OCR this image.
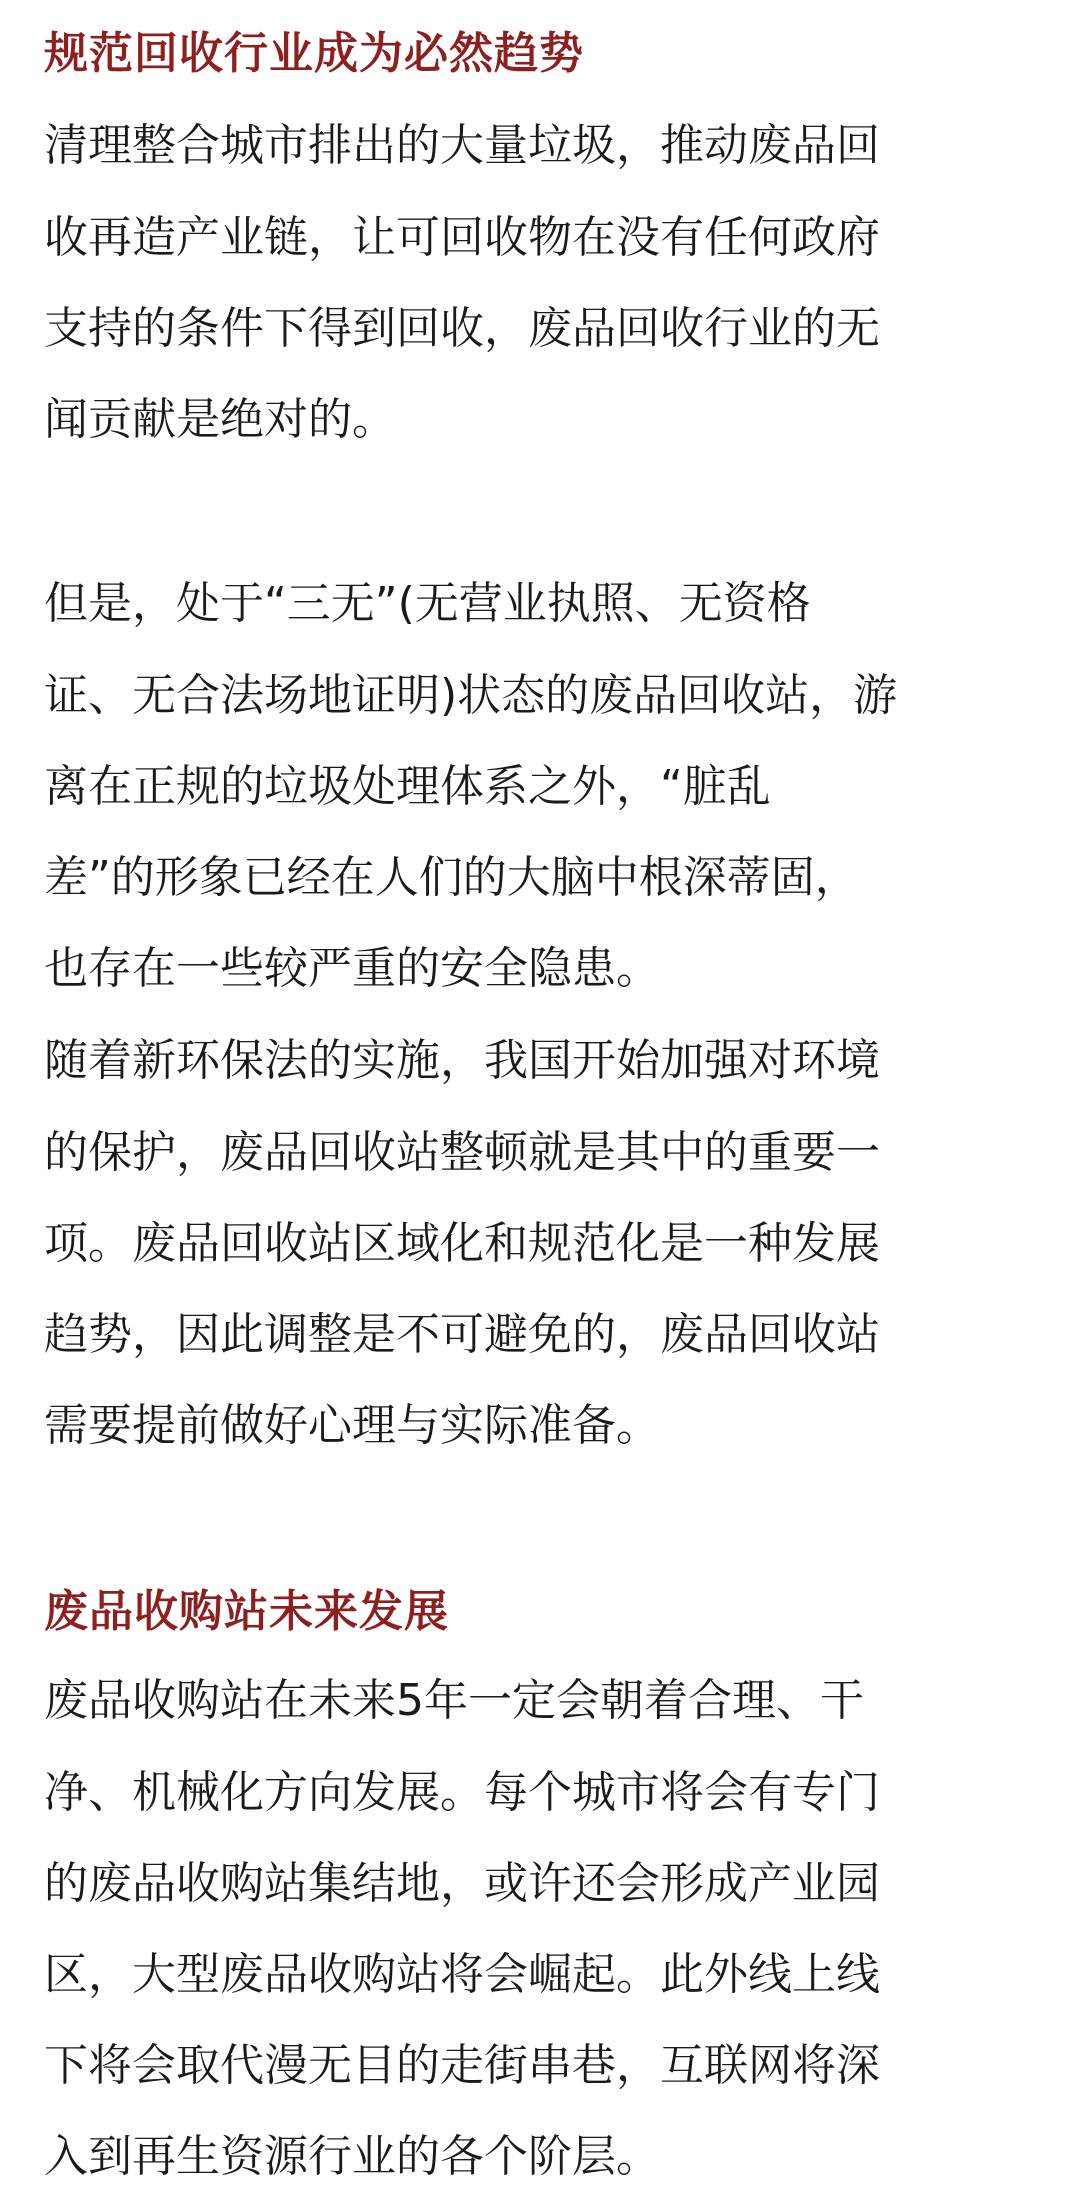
规范回收行业成为必然趋势

清理整合城市排出的大量垃圾，推动废品回

收再造产业链，让可回收物在没有任何政府

支持的条件下得到回收，废品回收行业的无

闻贡献是绝对的。

但是，处于“三无”(无营业执照、无资格

证、无合法场地证明)状态的废品回收站，游

离在正规的垃圾处理体系之外，“脏乱

差”的形象已经在人们的大脑中根深蒂固，

也存在一些较严重的安全隐患。

随着新环保法的实施，我国开始加强对环境

的保护，废品回收站整顿就是其中的重要一

项。废品回收站区域化和规范化是一种发展

趋势，因此调整是不可避免的，废品回收站

需要提前做好心理与实际准备。

废品收购站未来发展

废品收购站在未来5年一定会朝着合理、干

净、机械化方向发展。每个城市将会有专门

的废品收购站集结地，或许还会形成产业园

区，大型废品收购站将会崛起。此外线上线

下将会取代漫无目的走街串巷，互联网将深

入到再生资源行业的各个阶层。
